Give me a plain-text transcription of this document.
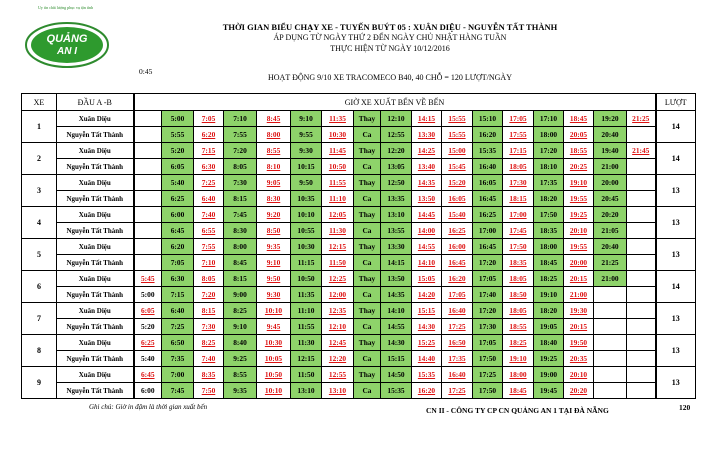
Uy tín chất lượng phục vụ tận tình
QUẢNG
AN I
THỜI GIAN BIỂU CHẠY XE - TUYẾN BUÝT 05 : XUÂN DIỆU - NGUYỄN TẤT THÀNH
ÁP DỤNG TỪ NGÀY THỨ 2 ĐẾN NGÀY CHỦ NHẬT HÀNG TUẦN
THỰC HIỆN TỪ NGÀY 10/12/2016
0:45
HOẠT ĐỘNG 9/10 XE TRACOMECO B40, 40 CHỖ = 120 LƯỢT/NGÀY
XE	ĐẦU A -B	GIỜ XE XUẤT BẾN VỀ BẾN																	LƯỢT
1	Xuân Diệu		5:00	7:05	7:10	8:45	9:10	11:35	Thay	12:10	14:15	15:55	15:10	17:05	17:10	18:45	19:20	21:25	14
	Nguyễn Tất Thành		5:55	6:20	7:55	8:00	9:55	10:30	Ca	12:55	13:30	15:55	16:20	17:55	18:00	20:05	20:40		
2	Xuân Diệu		5:20	7:15	7:20	8:55	9:30	11:45	Thay	12:20	14:25	15:00	15:35	17:15	17:20	18:55	19:40	21:45	14
	Nguyễn Tất Thành		6:05	6:30	8:05	8:10	10:15	10:50	Ca	13:05	13:40	15:45	16:40	18:05	18:10	20:25	21:00		
3	Xuân Diệu		5:40	7:25	7:30	9:05	9:50	11:55	Thay	12:50	14:35	15:20	16:05	17:30	17:35	19:10	20:00		13
	Nguyễn Tất Thành		6:25	6:40	8:15	8:30	10:35	11:10	Ca	13:35	13:50	16:05	16:45	18:15	18:20	19:55	20:45		
4	Xuân Diệu		6:00	7:40	7:45	9:20	10:10	12:05	Thay	13:10	14:45	15:40	16:25	17:00	17:50	19:25	20:20		13
	Nguyễn Tất Thành		6:45	6:55	8:30	8:50	10:55	11:30	Ca	13:55	14:00	16:25	17:00	17:45	18:35	20:10	21:05		
5	Xuân Diệu		6:20	7:55	8:00	9:35	10:30	12:15	Thay	13:30	14:55	16:00	16:45	17:50	18:00	19:55	20:40		13
	Nguyễn Tất Thành		7:05	7:10	8:45	9:10	11:15	11:50	Ca	14:15	14:10	16:45	17:20	18:35	18:45	20:00	21:25		
6	Xuân Diệu	5:45	6:30	8:05	8:15	9:50	10:50	12:25	Thay	13:50	15:05	16:20	17:05	18:05	18:25	20:15	21:00		14
	Nguyễn Tất Thành	5:00	7:15	7:20	9:00	9:30	11:35	12:00	Ca	14:35	14:20	17:05	17:40	18:50	19:10	21:00			
7	Xuân Diệu	6:05	6:40	8:15	8:25	10:10	11:10	12:35	Thay	14:10	15:15	16:40	17:20	18:05	18:20	19:30			13
	Nguyễn Tất Thành	5:20	7:25	7:30	9:10	9:45	11:55	12:10	Ca	14:55	14:30	17:25	17:30	18:55	19:05	20:15			
8	Xuân Diệu	6:25	6:50	8:25	8:40	10:30	11:30	12:45	Thay	14:30	15:25	16:50	17:05	18:25	18:40	19:50			13
	Nguyễn Tất Thành	5:40	7:35	7:40	9:25	10:05	12:15	12:20	Ca	15:15	14:40	17:35	17:50	19:10	19:25	20:35			
9	Xuân Diệu	6:45	7:00	8:35	8:55	10:50	11:50	12:55	Thay	14:50	15:35	16:40	17:25	18:00	19:00	20:10			13
	Nguyễn Tất Thành	6:00	7:45	7:50	9:35	10:10	13:10	13:10	Ca	15:35	16:20	17:25	17:50	18:45	19:45	20:20			
Ghi chú: Giờ in đậm là thời gian xuất bến	CN II - CÔNG TY CP CN QUẢNG AN 1 TẠI ĐÀ NẴNG	120
